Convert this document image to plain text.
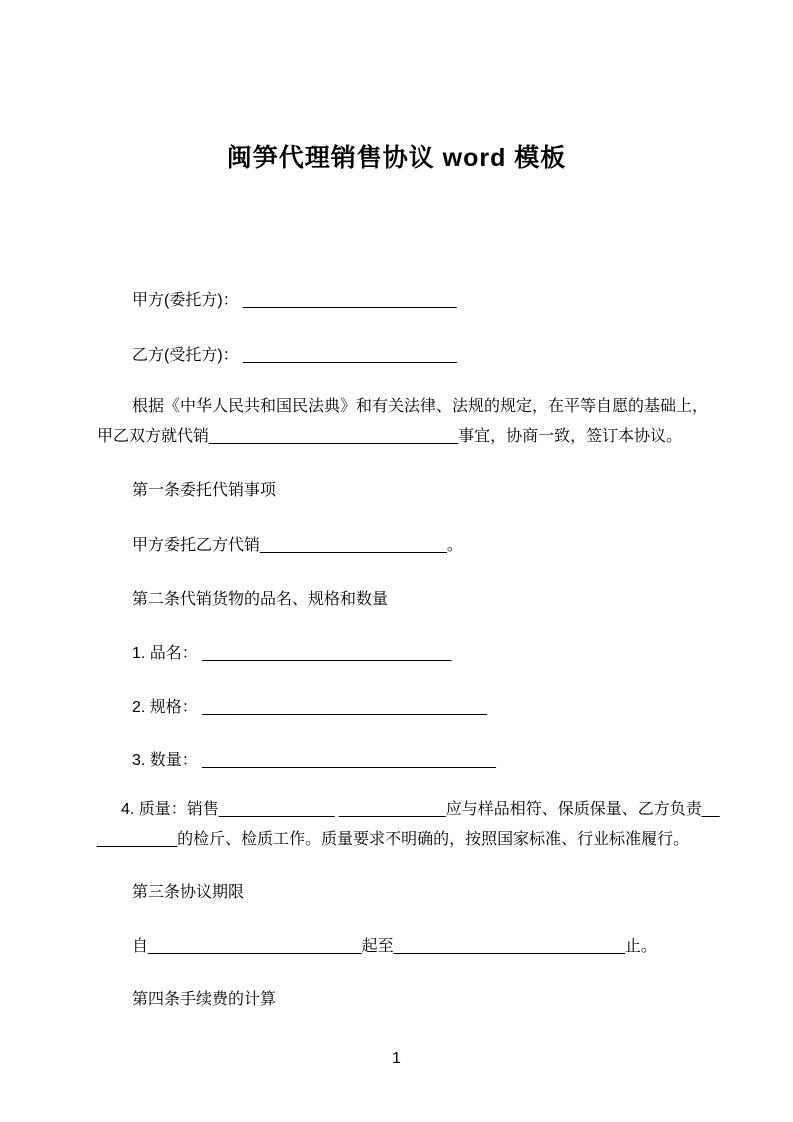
闽笋代理销售协议 word 模板
甲方(委托方)： ________________________
乙方(受托方)： ________________________
根据《中华人民共和国民法典》和有关法律、法规的规定，在平等自愿的基础上，
甲乙双方就代销____________________________事宜，协商一致，签订本协议。
第一条委托代销事项
甲方委托乙方代销_____________________。
第二条代销货物的品名、规格和数量
1. 品名： ____________________________
2. 规格： ________________________________
3. 数量： _________________________________
4. 质量：销售_____________ ____________应与样品相符、保质保量、乙方负责__
_________的检斤、检质工作。质量要求不明确的，按照国家标准、行业标准履行。
第三条协议期限
自________________________起至__________________________止。
第四条手续费的计算
1
